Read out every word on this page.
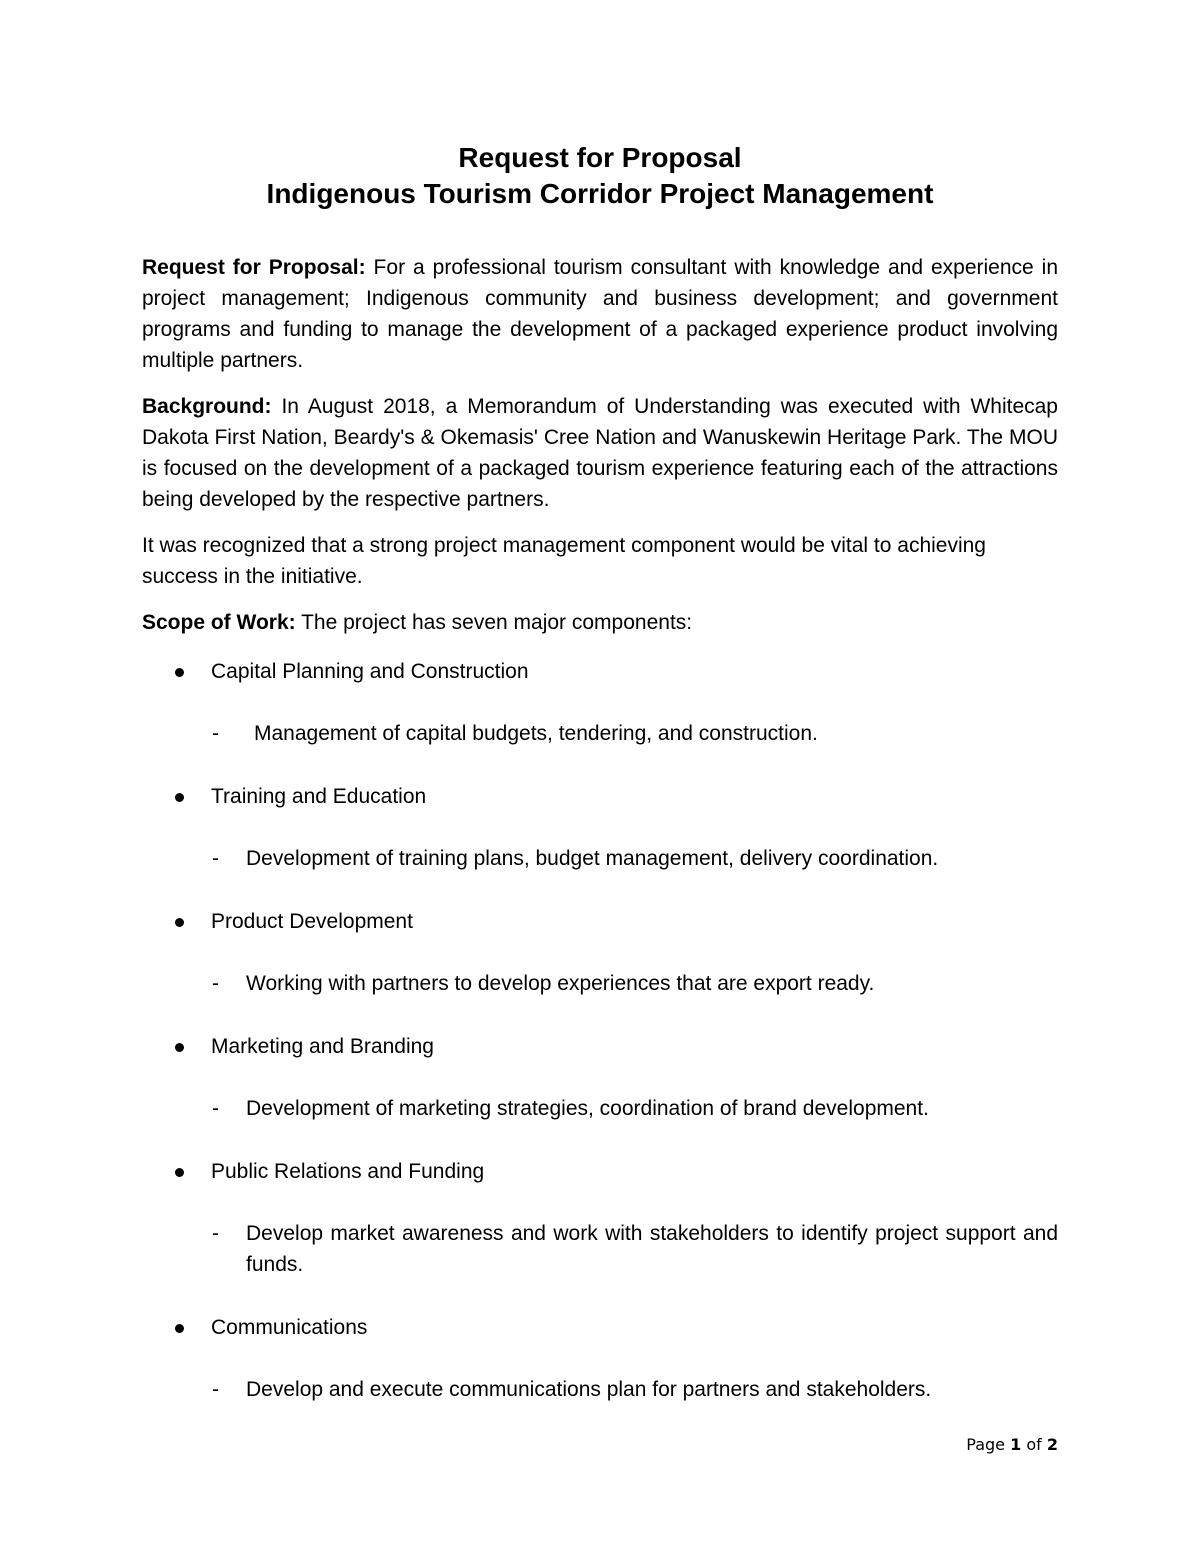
Request for Proposal
Indigenous Tourism Corridor Project Management

Request for Proposal: For a professional tourism consultant with knowledge and experience in project management; Indigenous community and business development; and government programs and funding to manage the development of a packaged experience product involving multiple partners.

Background: In August 2018, a Memorandum of Understanding was executed with Whitecap Dakota First Nation, Beardy's & Okemasis' Cree Nation and Wanuskewin Heritage Park. The MOU is focused on the development of a packaged tourism experience featuring each of the attractions being developed by the respective partners.

It was recognized that a strong project management component would be vital to achieving success in the initiative.

Scope of Work: The project has seven major components:

Capital Planning and Construction
- Management of capital budgets, tendering, and construction.
Training and Education
- Development of training plans, budget management, delivery coordination.
Product Development
- Working with partners to develop experiences that are export ready.
Marketing and Branding
- Development of marketing strategies, coordination of brand development.
Public Relations and Funding
- Develop market awareness and work with stakeholders to identify project support and funds.
Communications
- Develop and execute communications plan for partners and stakeholders.
Page 1 of 2
